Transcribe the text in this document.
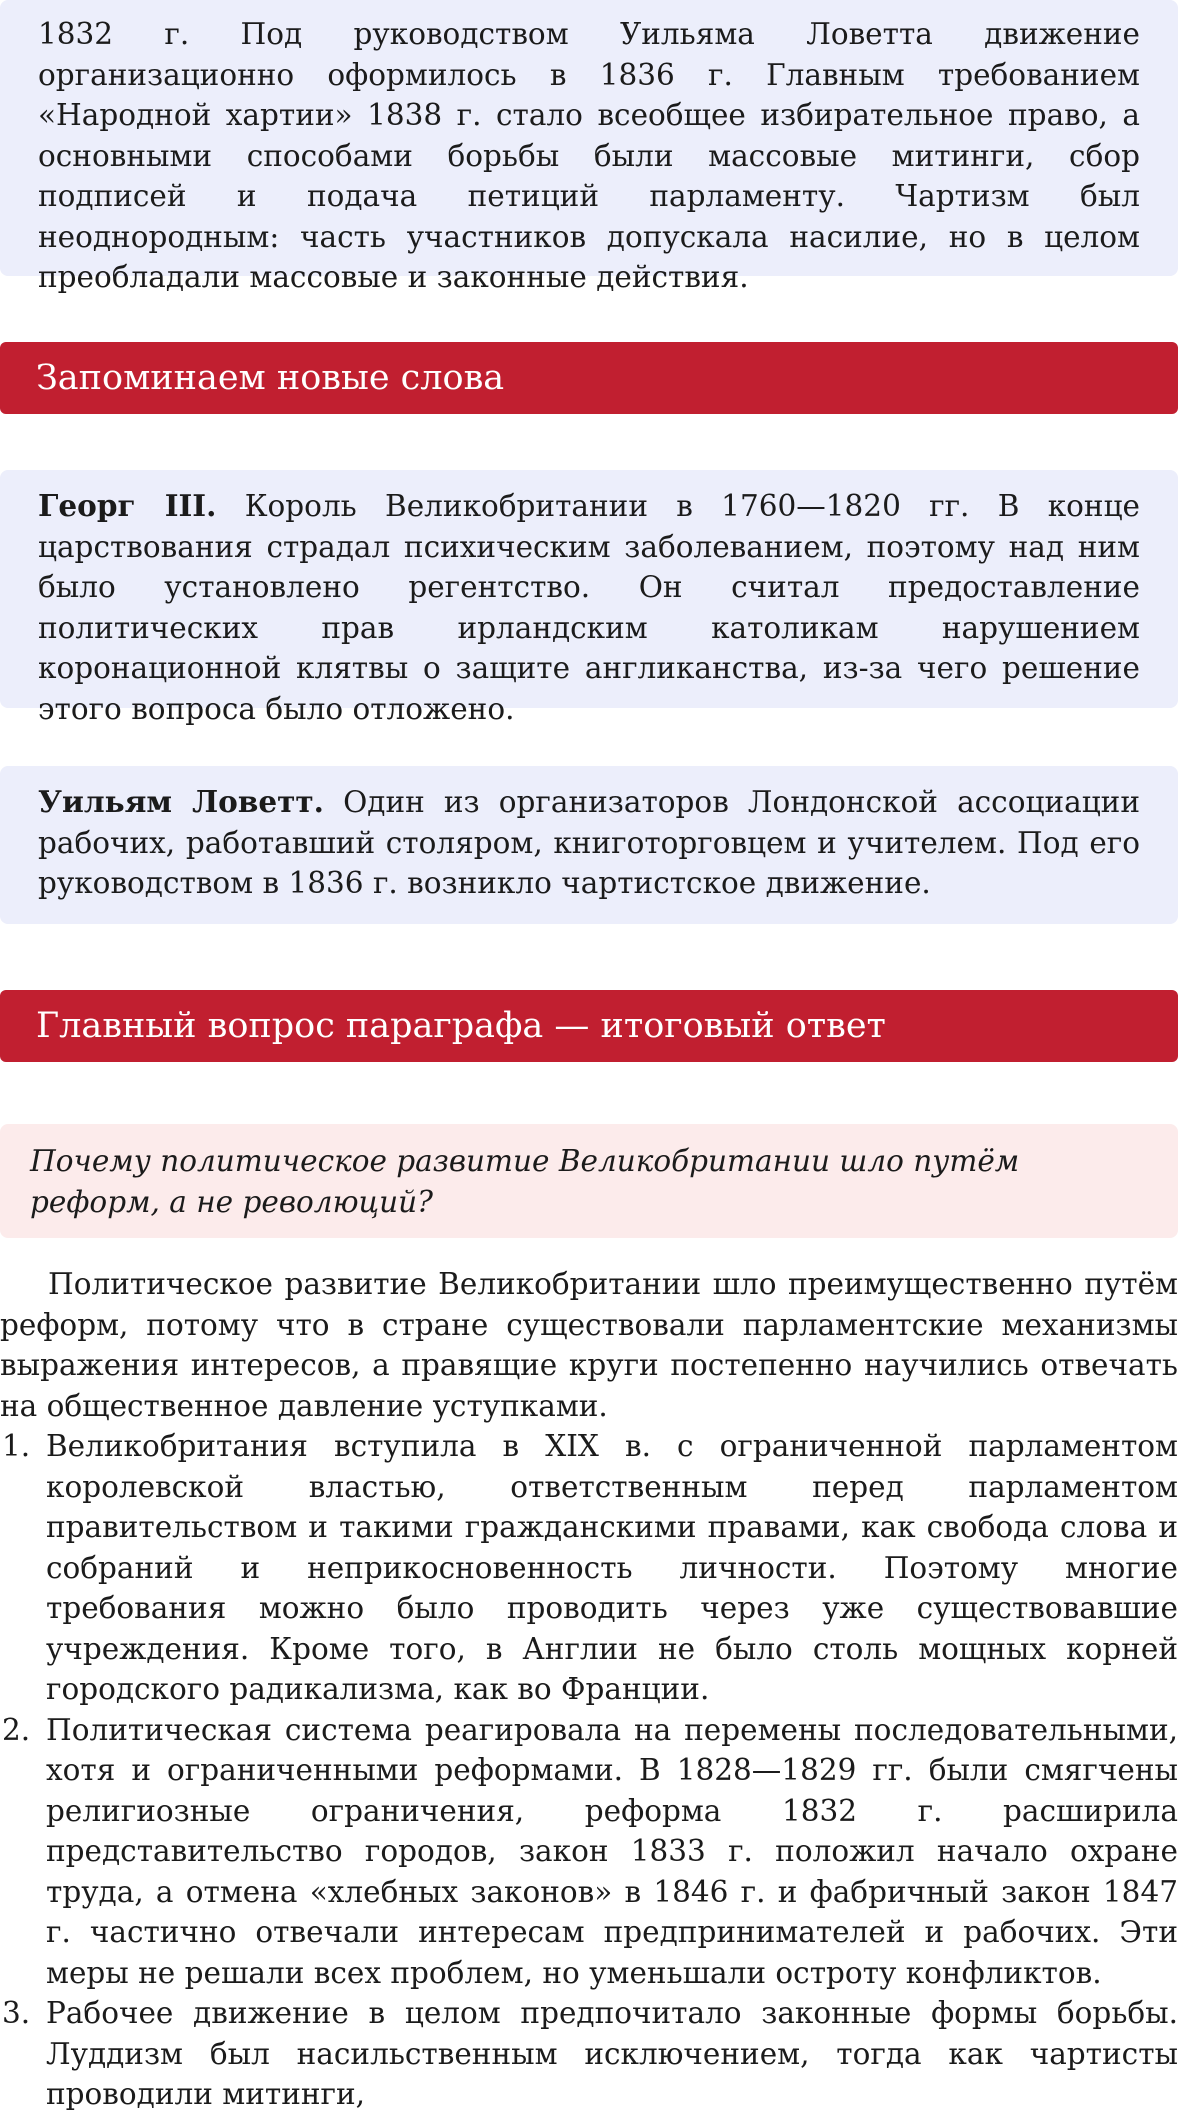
1832 г. Под руководством Уильяма Ловетта движение организационно оформилось в 1836 г. Главным требованием «Народной хартии» 1838 г. стало всеобщее избирательное право, а основными способами борьбы были массовые митинги, сбор подписей и подача петиций парламенту. Чартизм был неоднородным: часть участников допускала насилие, но в целом преобладали массовые и законные действия.
Запоминаем новые слова
Георг III. Король Великобритании в 1760—1820 гг. В конце царствования страдал психическим заболеванием, поэтому над ним было установлено регентство. Он считал предоставление политических прав ирландским католикам нарушением коронационной клятвы о защите англиканства, из-за чего решение этого вопроса было отложено.
Уильям Ловетт. Один из организаторов Лондонской ассоциации рабочих, работавший столяром, книготорговцем и учителем. Под его руководством в 1836 г. возникло чартистское движение.
Главный вопрос параграфа — итоговый ответ
Почему политическое развитие Великобритании шло путём реформ, а не революций?

Политическое развитие Великобритании шло преимущественно путём реформ, потому что в стране существовали парламентские механизмы выражения интересов, а правящие круги постепенно научились отвечать на общественное давление уступками.

1. Великобритания вступила в XIX в. с ограниченной парламентом королевской властью, ответственным перед парламентом правительством и такими гражданскими правами, как свобода слова и собраний и неприкосновенность личности. Поэтому многие требования можно было проводить через уже существовавшие учреждения. Кроме того, в Англии не было столь мощных корней городского радикализма, как во Франции.
2. Политическая система реагировала на перемены последовательными, хотя и ограниченными реформами. В 1828—1829 гг. были смягчены религиозные ограничения, реформа 1832 г. расширила представительство городов, закон 1833 г. положил начало охране труда, а отмена «хлебных законов» в 1846 г. и фабричный закон 1847 г. частично отвечали интересам предпринимателей и рабочих. Эти меры не решали всех проблем, но уменьшали остроту конфликтов.
3. Рабочее движение в целом предпочитало законные формы борьбы. Луддизм был насильственным исключением, тогда как чартисты проводили митинги,
